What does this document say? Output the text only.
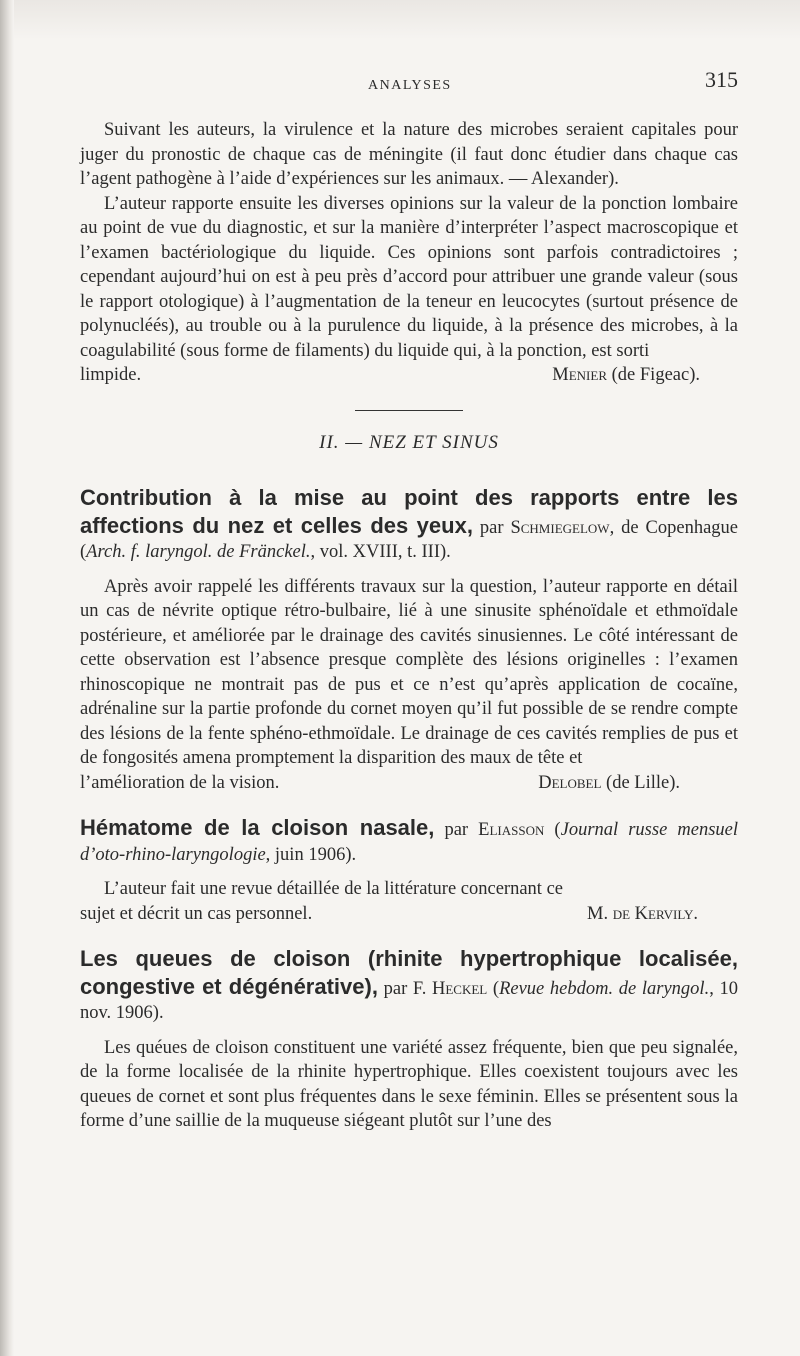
ANALYSES	315

Suivant les auteurs, la virulence et la nature des microbes seraient capitales pour juger du pronostic de chaque cas de méningite (il faut donc étudier dans chaque cas l’agent pathogène à l’aide d’expériences sur les animaux. — Alexander).

L’auteur rapporte ensuite les diverses opinions sur la valeur de la ponction lombaire au point de vue du diagnostic, et sur la manière d’interpréter l’aspect macroscopique et l’examen bactériologique du liquide. Ces opinions sont parfois contradictoires ; cependant aujourd’hui on est à peu près d’accord pour attribuer une grande valeur (sous le rapport otologique) à l’augmentation de la teneur en leucocytes (surtout présence de polynucléés), au trouble ou à la purulence du liquide, à la présence des microbes, à la coagulabilité (sous forme de filaments) du liquide qui, à la ponction, est sorti

limpide.	Menier (de Figeac).
II. — NEZ ET SINUS

Contribution à la mise au point des rapports entre les affections du nez et celles des yeux, par Schmiegelow, de Copenhague (Arch. f. laryngol. de Fränckel., vol. XVIII, t. III).

Après avoir rappelé les différents travaux sur la question, l’auteur rapporte en détail un cas de névrite optique rétro-bulbaire, lié à une sinusite sphénoïdale et ethmoïdale postérieure, et améliorée par le drainage des cavités sinusiennes. Le côté intéressant de cette observation est l’absence presque complète des lésions originelles : l’examen rhinoscopique ne montrait pas de pus et ce n’est qu’après application de cocaïne, adrénaline sur la partie profonde du cornet moyen qu’il fut possible de se rendre compte des lésions de la fente sphéno-ethmoïdale. Le drainage de ces cavités remplies de pus et de fongosités amena promptement la disparition des maux de tête et

l’amélioration de la vision.	Delobel (de Lille).

Hématome de la cloison nasale, par Eliasson (Journal russe mensuel d’oto-rhino-laryngologie, juin 1906).

L’auteur fait une revue détaillée de la littérature concernant ce

sujet et décrit un cas personnel.	M. de Kervily.

Les queues de cloison (rhinite hypertrophique localisée, congestive et dégénérative), par F. Heckel (Revue hebdom. de laryngol., 10 nov. 1906).

Les quéues de cloison constituent une variété assez fréquente, bien que peu signalée, de la forme localisée de la rhinite hypertrophique. Elles coexistent toujours avec les queues de cornet et sont plus fréquentes dans le sexe féminin. Elles se présentent sous la forme d’une saillie de la muqueuse siégeant plutôt sur l’une des
